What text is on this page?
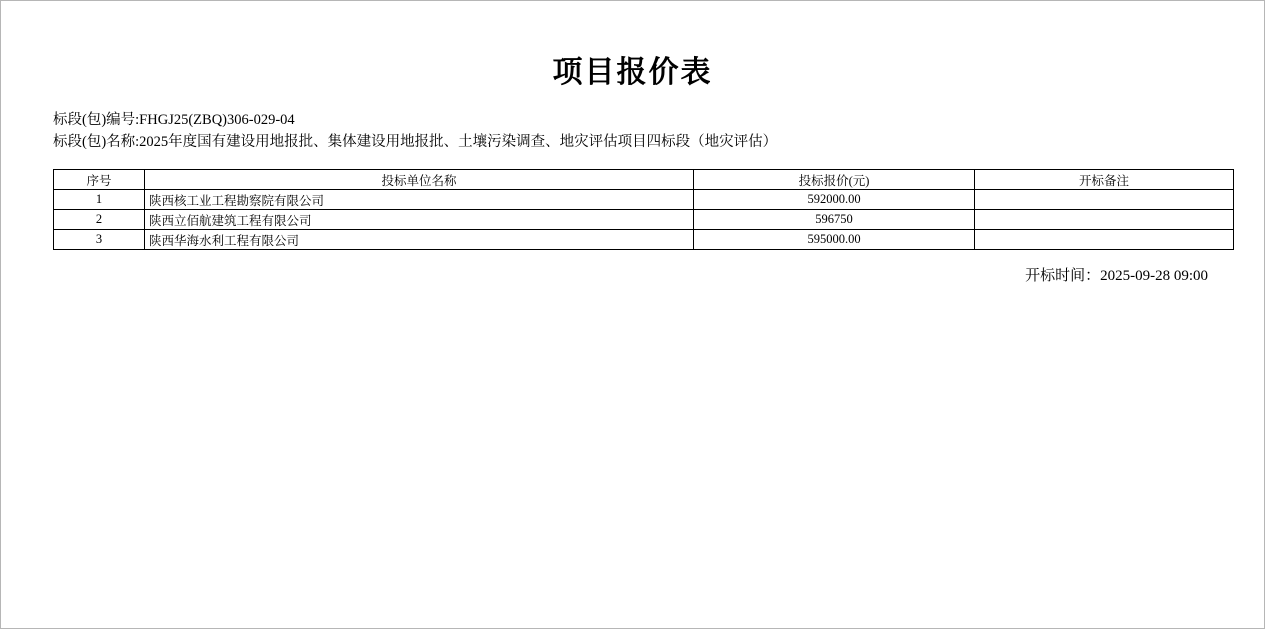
项目报价表
标段(包)编号:FHGJ25(ZBQ)306-029-04
标段(包)名称:2025年度国有建设用地报批、集体建设用地报批、土壤污染调查、地灾评估项目四标段（地灾评估）
序号	投标单位名称	投标报价(元)	开标备注
1	陕西核工业工程勘察院有限公司	592000.00	
2	陕西立佰航建筑工程有限公司	596750	
3	陕西华海水利工程有限公司	595000.00	
开标时间：2025-09-28 09:00
